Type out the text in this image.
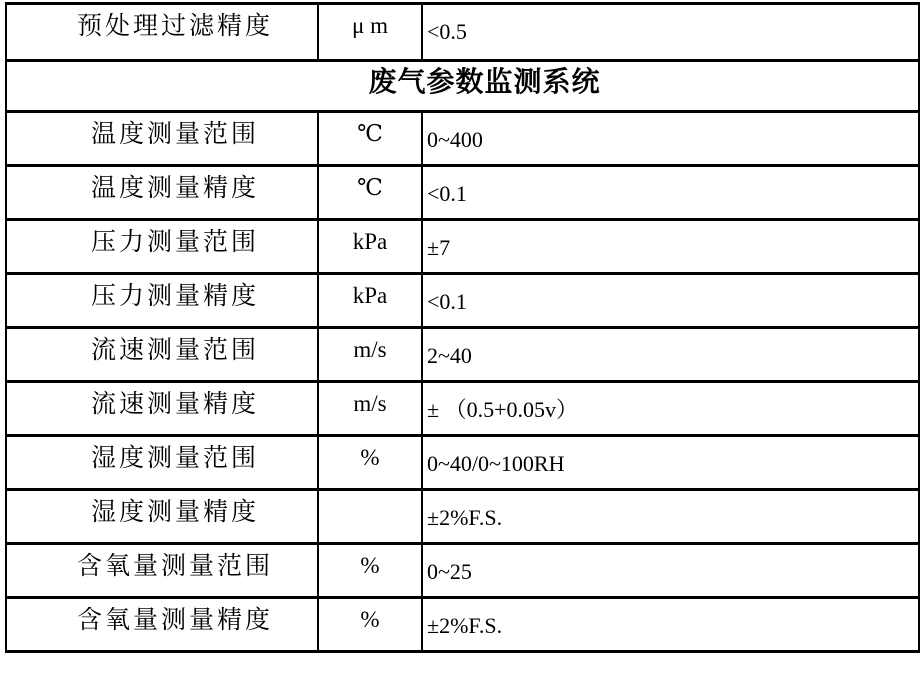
预处理过滤精度	μ m	<0.5
废气参数监测系统		
温度测量范围	℃	0~400
温度测量精度	℃	<0.1
压力测量范围	kPa	±7
压力测量精度	kPa	<0.1
流速测量范围	m/s	2~40
流速测量精度	m/s	± （0.5+0.05v）
湿度测量范围	%	0~40/0~100RH
湿度测量精度		±2%F.S.
含氧量测量范围	%	0~25
含氧量测量精度	%	±2%F.S.
